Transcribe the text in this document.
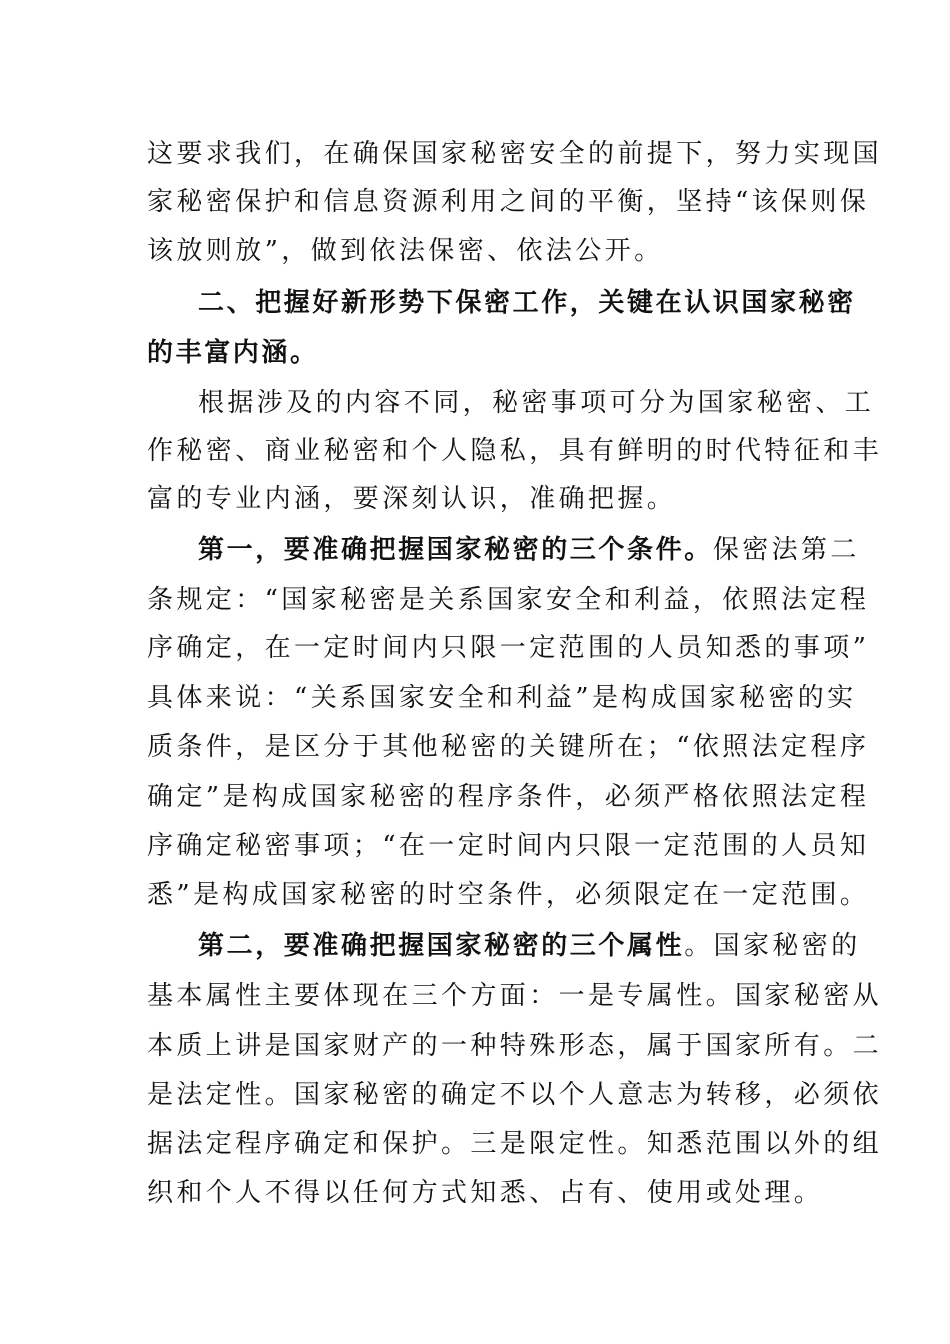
这要求我们，在确保国家秘密安全的前提下，努力实现国
家秘密保护和信息资源利用之间的平衡，坚持“该保则保
该放则放”，做到依法保密、依法公开。
二、把握好新形势下保密工作，关键在认识国家秘密
的丰富内涵。
根据涉及的内容不同，秘密事项可分为国家秘密、工
作秘密、商业秘密和个人隐私，具有鲜明的时代特征和丰
富的专业内涵，要深刻认识，准确把握。
第一，要准确把握国家秘密的三个条件。保密法第二
条规定：“国家秘密是关系国家安全和利益，依照法定程
序确定，在一定时间内只限一定范围的人员知悉的事项”
具体来说：“关系国家安全和利益”是构成国家秘密的实
质条件，是区分于其他秘密的关键所在；“依照法定程序
确定”是构成国家秘密的程序条件，必须严格依照法定程
序确定秘密事项；“在一定时间内只限一定范围的人员知
悉”是构成国家秘密的时空条件，必须限定在一定范围。
第二，要准确把握国家秘密的三个属性。国家秘密的
基本属性主要体现在三个方面：一是专属性。国家秘密从
本质上讲是国家财产的一种特殊形态，属于国家所有。二
是法定性。国家秘密的确定不以个人意志为转移，必须依
据法定程序确定和保护。三是限定性。知悉范围以外的组
织和个人不得以任何方式知悉、占有、使用或处理。
